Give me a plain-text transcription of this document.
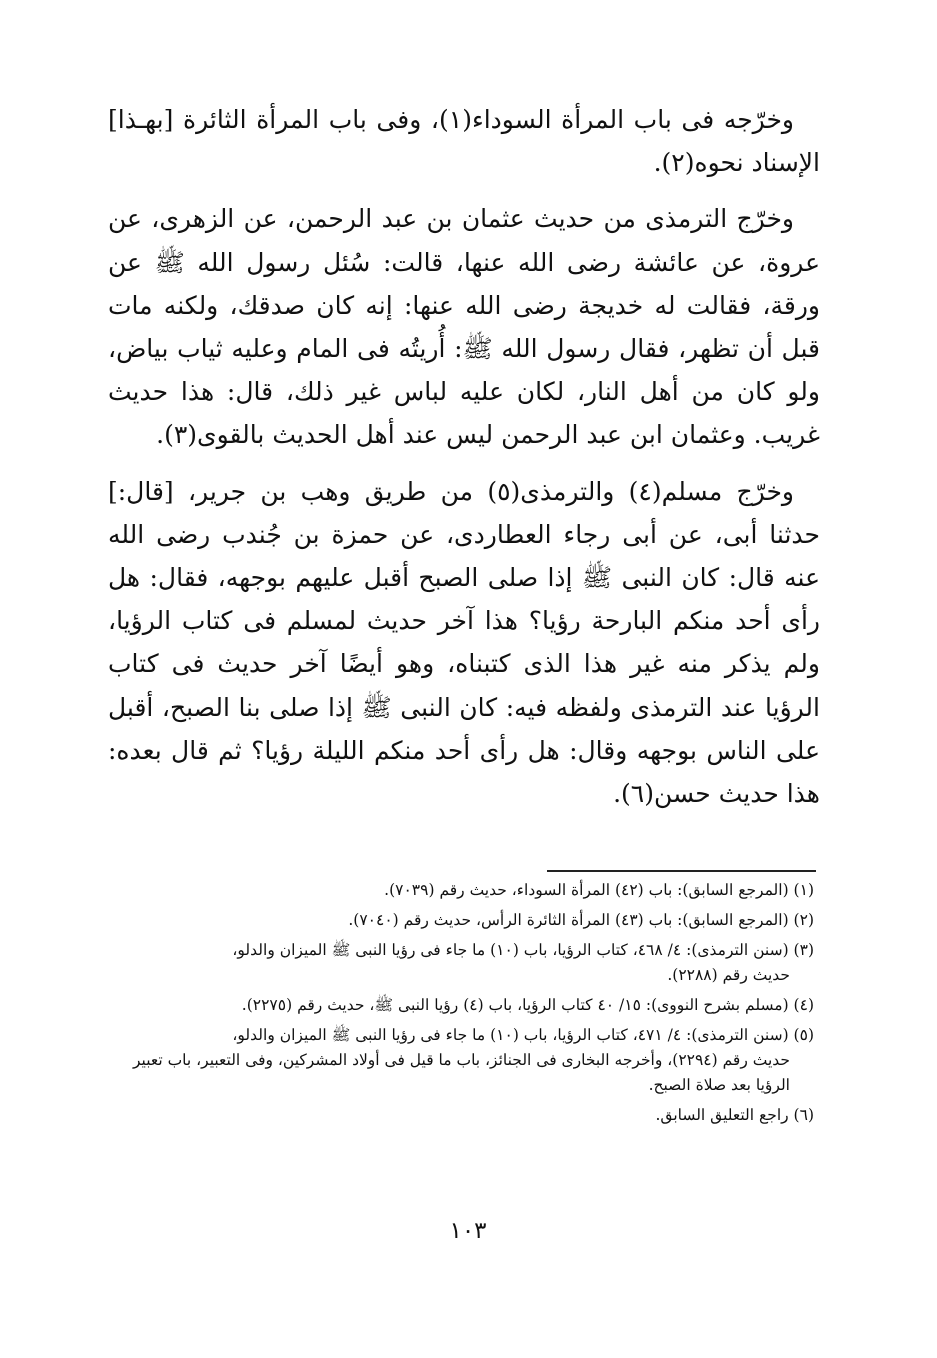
وخرّجه فى باب المرأة السوداء(١)، وفى باب المرأة الثائرة [بهـذا] الإسناد نحوه(٢).

وخرّج الترمذى من حديث عثمان بن عبد الرحمن، عن الزهرى، عن عروة، عن عائشة رضى الله عنها، قالت: سُئل رسول الله ﷺ عن ورقة، فقالت له خديجة رضى الله عنها: إنه كان صدقك، ولكنه مات قبل أن تظهر، فقال رسول الله ﷺ: أُريتُه فى المام وعليه ثياب بياض، ولو كان من أهل النار، لكان عليه لباس غير ذلك، قال: هذا حديث غريب. وعثمان ابن عبد الرحمن ليس عند أهل الحديث بالقوى(٣).

وخرّج مسلم(٤) والترمذى(٥) من طريق وهب بن جرير، [قال:] حدثنا أبى، عن أبى رجاء العطاردى، عن حمزة بن جُندب رضى الله عنه قال: كان النبى ﷺ إذا صلى الصبح أقبل عليهم بوجهه، فقال: هل رأى أحد منكم البارحة رؤيا؟ هذا آخر حديث لمسلم فى كتاب الرؤيا، ولم يذكر منه غير هذا الذى كتبناه، وهو أيضًا آخر حديث فى كتاب الرؤيا عند الترمذى ولفظه فيه: كان النبى ﷺ إذا صلى بنا الصبح، أقبل على الناس بوجهه وقال: هل رأى أحد منكم الليلة رؤيا؟ ثم قال بعده: هذا حديث حسن(٦).

(١) (المرجع السابق): باب (٤٢) المرأة السوداء، حديث رقم (٧٠٣٩).
(٢) (المرجع السابق): باب (٤٣) المرأة الثائرة الرأس، حديث رقم (٧٠٤٠).
(٣) (سنن الترمذى): ٤/ ٤٦٨، كتاب الرؤيا، باب (١٠) ما جاء فى رؤيا النبى ﷺ الميزان والدلو،
حديث رقم (٢٢٨٨).
(٤) (مسلم بشرح النووى): ١٥/ ٤٠ كتاب الرؤيا، باب (٤) رؤيا النبى ﷺ، حديث رقم (٢٢٧٥).
(٥) (سنن الترمذى): ٤/ ٤٧١، كتاب الرؤيا، باب (١٠) ما جاء فى رؤيا النبى ﷺ الميزان والدلو،
حديث رقم (٢٢٩٤)، وأخرجه البخارى فى الجنائز، باب ما قيل فى أولاد المشركين، وفى التعبير، باب تعبير الرؤيا بعد صلاة الصبح.
(٦) راجع التعليق السابق.
١٠٣
